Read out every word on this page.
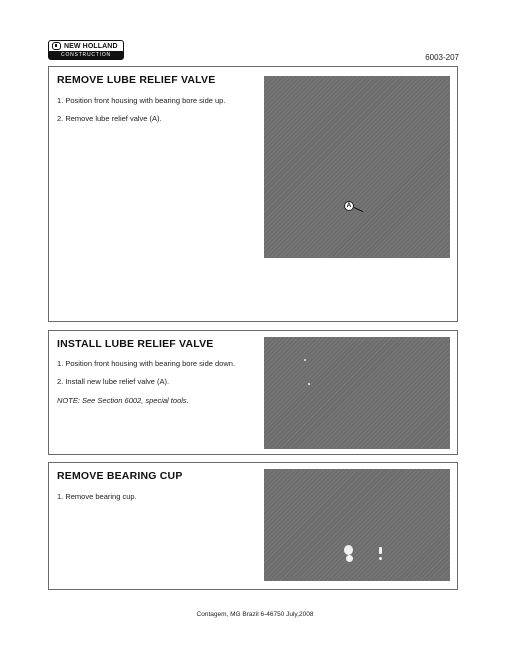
NEW HOLLAND
CONSTRUCTION	6003-207
REMOVE LUBE RELIEF VALVE
1. Position front housing with bearing bore side up.
2. Remove lube relief valve (A).
A
INSTALL LUBE RELIEF VALVE
1. Position front housing with bearing bore side down.
2. Install new lube relief valve (A).
NOTE: See Section 6002, special tools.
REMOVE BEARING CUP
1. Remove bearing cup.
Contagem, MG Brazil 6-46750 July,2008
